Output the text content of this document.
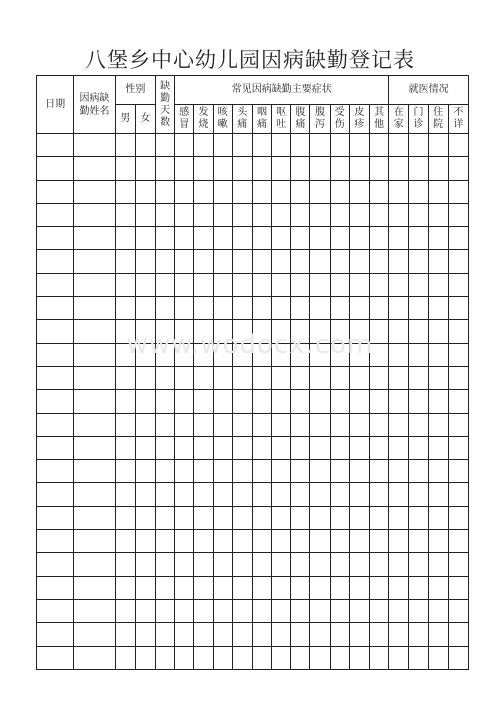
八堡乡中心幼儿园因病缺勤登记表
日期	因病缺勤姓名	性别		缺勤天数	常见因病缺勤主要症状											就医情况			
		男	女		感冒	发烧	咳嗽	头痛	咽痛	呕吐	腹痛	腹泻	受伤	皮疹	其他	在家	门诊	住院	不详

www.wodocx.com
